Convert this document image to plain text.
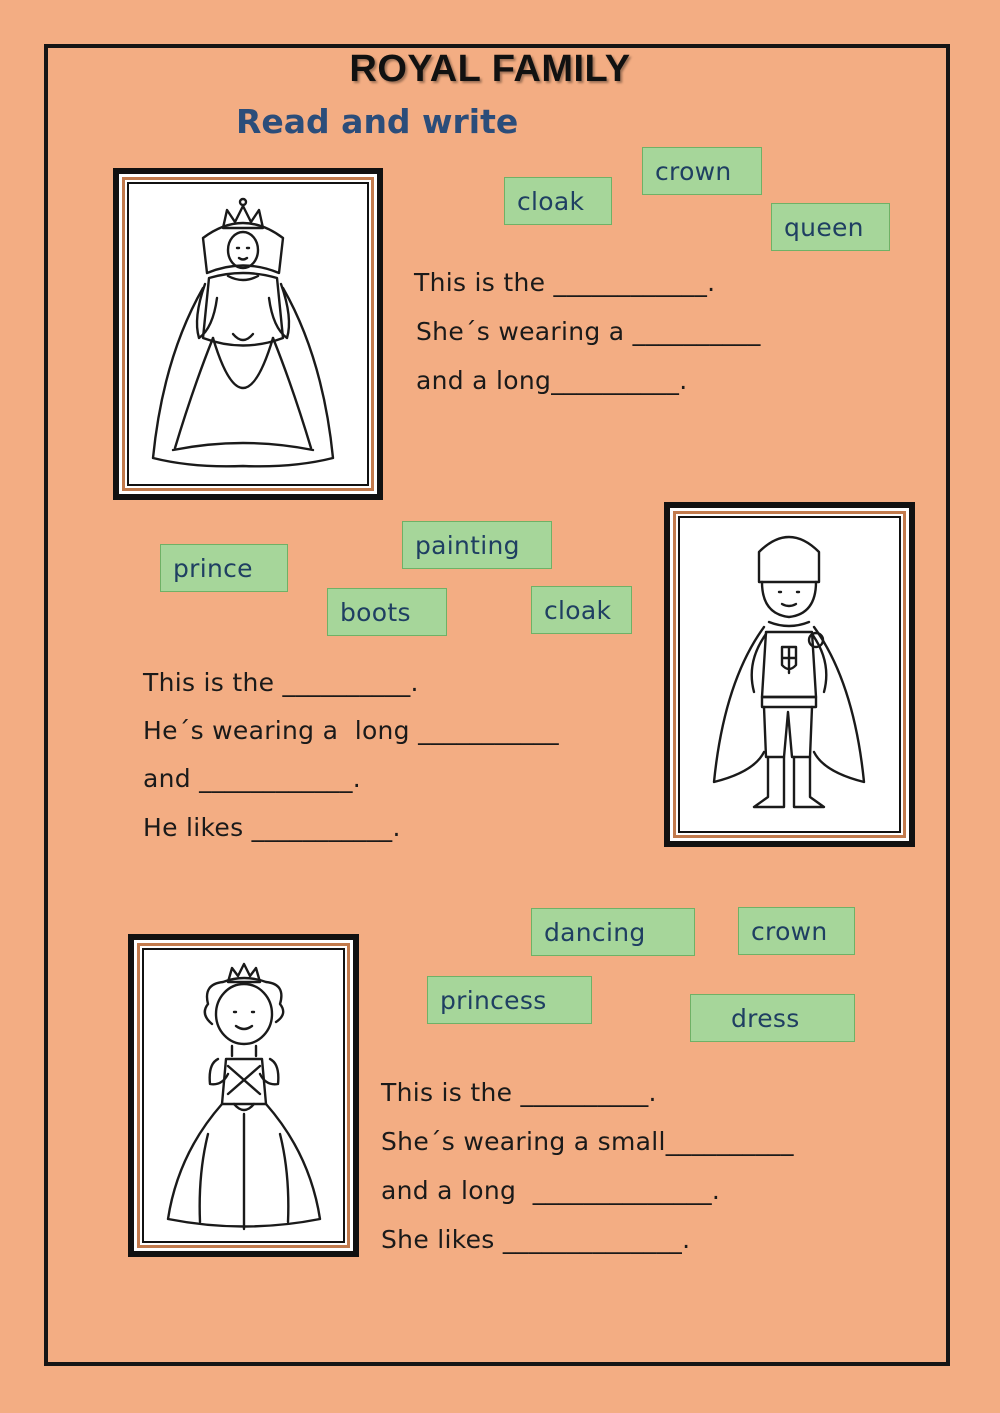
ROYAL FAMILY
Read and write
cloak
crown
queen
This is the ____________.
She´s wearing a __________
and a long__________.
prince
painting
boots	cloak
This is the __________.
He´s wearing a  long ___________
and ____________.
He likes ___________.
dancing	crown
princess
dress
This is the __________.
She´s wearing a small__________
and a long  ______________.
She likes ______________.
